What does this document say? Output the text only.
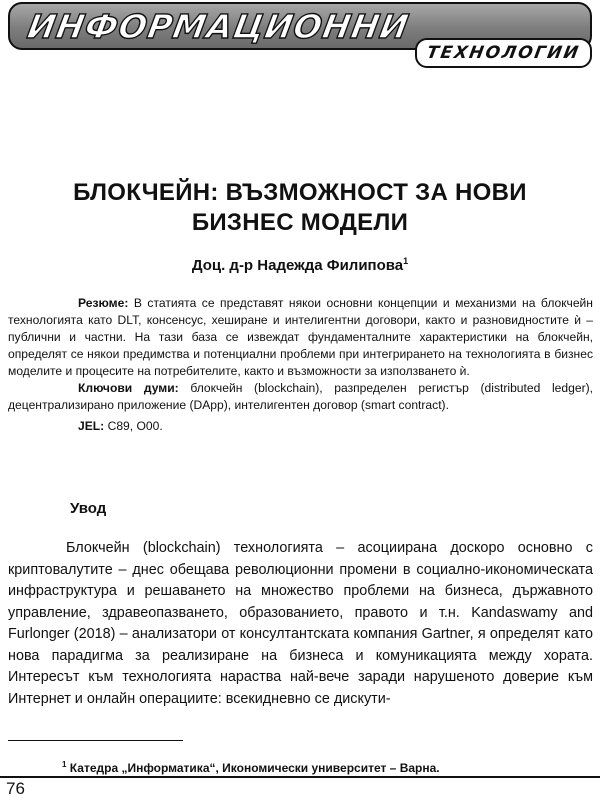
ИНФОРМАЦИОННИ
ТЕХНОЛОГИИ
БЛОКЧЕЙН: ВЪЗМОЖНОСТ ЗА НОВИ
БИЗНЕС МОДЕЛИ
Доц. д-р Надежда Филипова$^1$

Резюме: В статията се представят някои основни концепции и механизми на блокчейн технологията като DLT, консенсус, хеширане и интелигентни договори, както и разновидностите ѝ – публични и частни. На тази база се извеждат фундаменталните характеристики на блокчейн, определят се някои предимства и потенциални проблеми при интегрирането на технологията в бизнес моделите и процесите на потребителите, както и възможности за използването ѝ.

Ключови думи: блокчейн (blockchain), разпределен регистър (distributed ledger), децентрализирано приложение (DApp), интелигентен договор (smart contract).

JEL: C89, O00.

Увод
Блокчейн (blockchain) технологията – асоциирана доскоро основно с криптовалутите – днес обещава революционни промени в социално-икономическата инфраструктура и решаването на множество проблеми на бизнеса, държавното управление, здравеопазването, образованието, правото и т.н. Kandaswamy and Furlonger (2018) – анализатори от консултантската компания Gartner, я определят като нова парадигма за реализиране на бизнеса и комуникацията между хората. Интересът към технологията нараства най-вече заради нарушеното доверие към Интернет и онлайн операциите: всекидневно се дискути-
$^1$ Катедра „Информатика“, Икономически университет – Варна.
76
